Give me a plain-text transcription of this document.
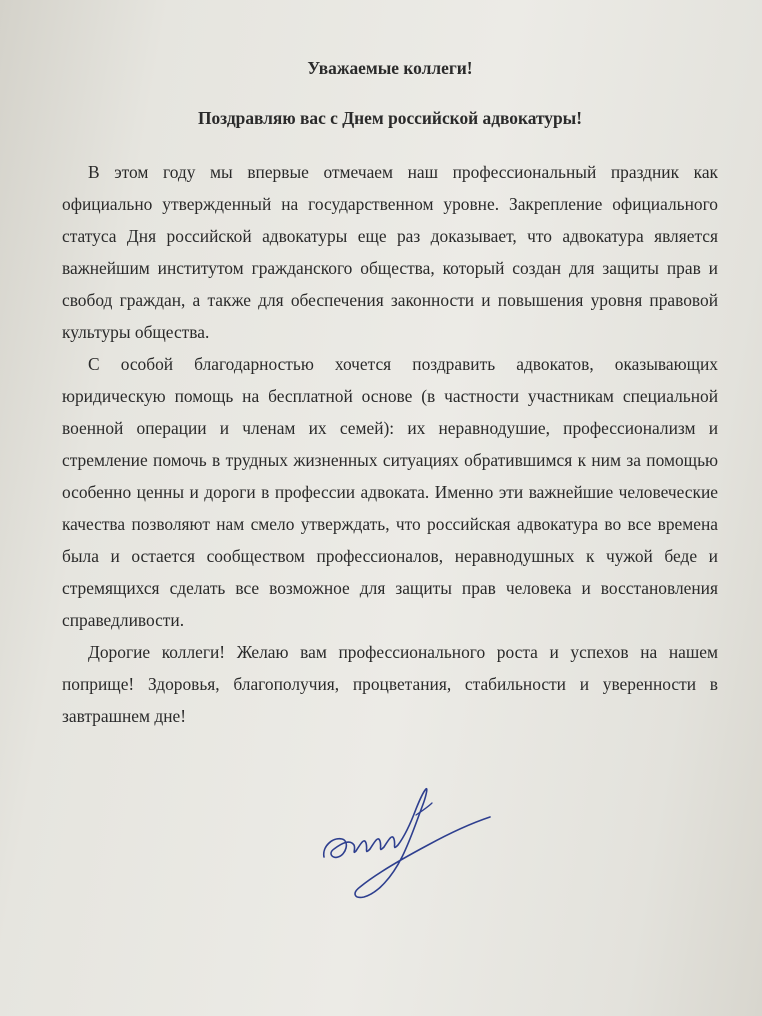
Уважаемые коллеги!

Поздравляю вас с Днем российской адвокатуры!

В этом году мы впервые отмечаем наш профессиональный праздник как официально утвержденный на государственном уровне. Закрепление официального статуса Дня российской адвокатуры еще раз доказывает, что адвокатура является важнейшим институтом гражданского общества, который создан для защиты прав и свобод граждан, а также для обеспечения законности и повышения уровня правовой культуры общества.

С особой благодарностью хочется поздравить адвокатов, оказывающих юридическую помощь на бесплатной основе (в частности участникам специальной военной операции и членам их семей): их неравнодушие, профессионализм и стремление помочь в трудных жизненных ситуациях обратившимся к ним за помощью особенно ценны и дороги в профессии адвоката. Именно эти важнейшие человеческие качества позволяют нам смело утверждать, что российская адвокатура во все времена была и остается сообществом профессионалов, неравнодушных к чужой беде и стремящихся сделать все возможное для защиты прав человека и восстановления справедливости.

Дорогие коллеги! Желаю вам профессионального роста и успехов на нашем поприще! Здоровья, благополучия, процветания, стабильности и уверенности в завтрашнем дне!
